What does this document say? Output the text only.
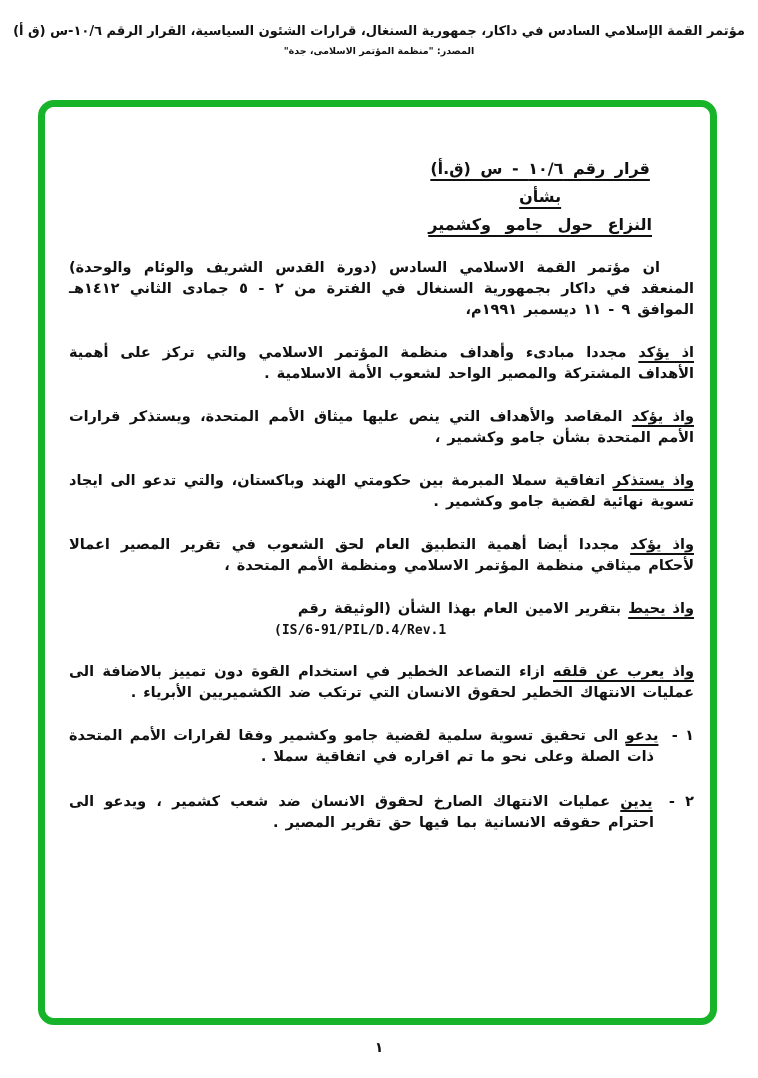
مؤتمر القمة الإسلامي السادس في داكار، جمهورية السنغال، قرارات الشئون السياسية، القرار الرقم ١٠/٦-س (ق أ)
المصدر: "منظمة المؤتمر الاسلامى، جدة"
قرار رقم ١٠/٦ - س (ق.أ)
بشأن
النزاع حول جامو وكشمير
ان مؤتمر القمة الاسلامي السادس (دورة القدس الشريف والوئام والوحدة) المنعقد في داكار بجمهورية السنغال في الفترة من ٢ - ٥ جمادى الثاني ١٤١٢هـ الموافق ٩ - ١١ ديسمبر ١٩٩١م،
اذ يؤكد مجددا مبادىء وأهداف منظمة المؤتمر الاسلامي والتي تركز على أهمية الأهداف المشتركة والمصير الواحد لشعوب الأمة الاسلامية .
واذ يؤكد المقاصد والأهداف التي ينص عليها ميثاق الأمم المتحدة، ويستذكر قرارات الأمم المتحدة بشأن جامو وكشمير ،
واذ يستذكر اتفاقية سملا المبرمة بين حكومتي الهند وباكستان، والتي تدعو الى ايجاد تسوية نهائية لقضية جامو وكشمير .
واذ يؤكد مجددا أيضا أهمية التطبيق العام لحق الشعوب في تقرير المصير اعمالا لأحكام ميثاقي منظمة المؤتمر الاسلامي ومنظمة الأمم المتحدة ،
واذ يحيط بتقرير الامين العام بهذا الشأن (الوثيقة رقم
(IS/6-91/PIL/D.4/Rev.1
واذ يعرب عن قلقه ازاء التصاعد الخطير في استخدام القوة دون تمييز بالاضافة الى عمليات الانتهاك الخطير لحقوق الانسان التي ترتكب ضد الكشميريين الأبرياء .
١ - يدعو الى تحقيق تسوية سلمية لقضية جامو وكشمير وفقا لقرارات الأمم المتحدة ذات الصلة وعلى نحو ما تم اقراره في اتفاقية سملا .
٢ - يدين عمليات الانتهاك الصارخ لحقوق الانسان ضد شعب كشمير ، ويدعو الى احترام حقوقه الانسانية بما فيها حق تقرير المصير .
١
